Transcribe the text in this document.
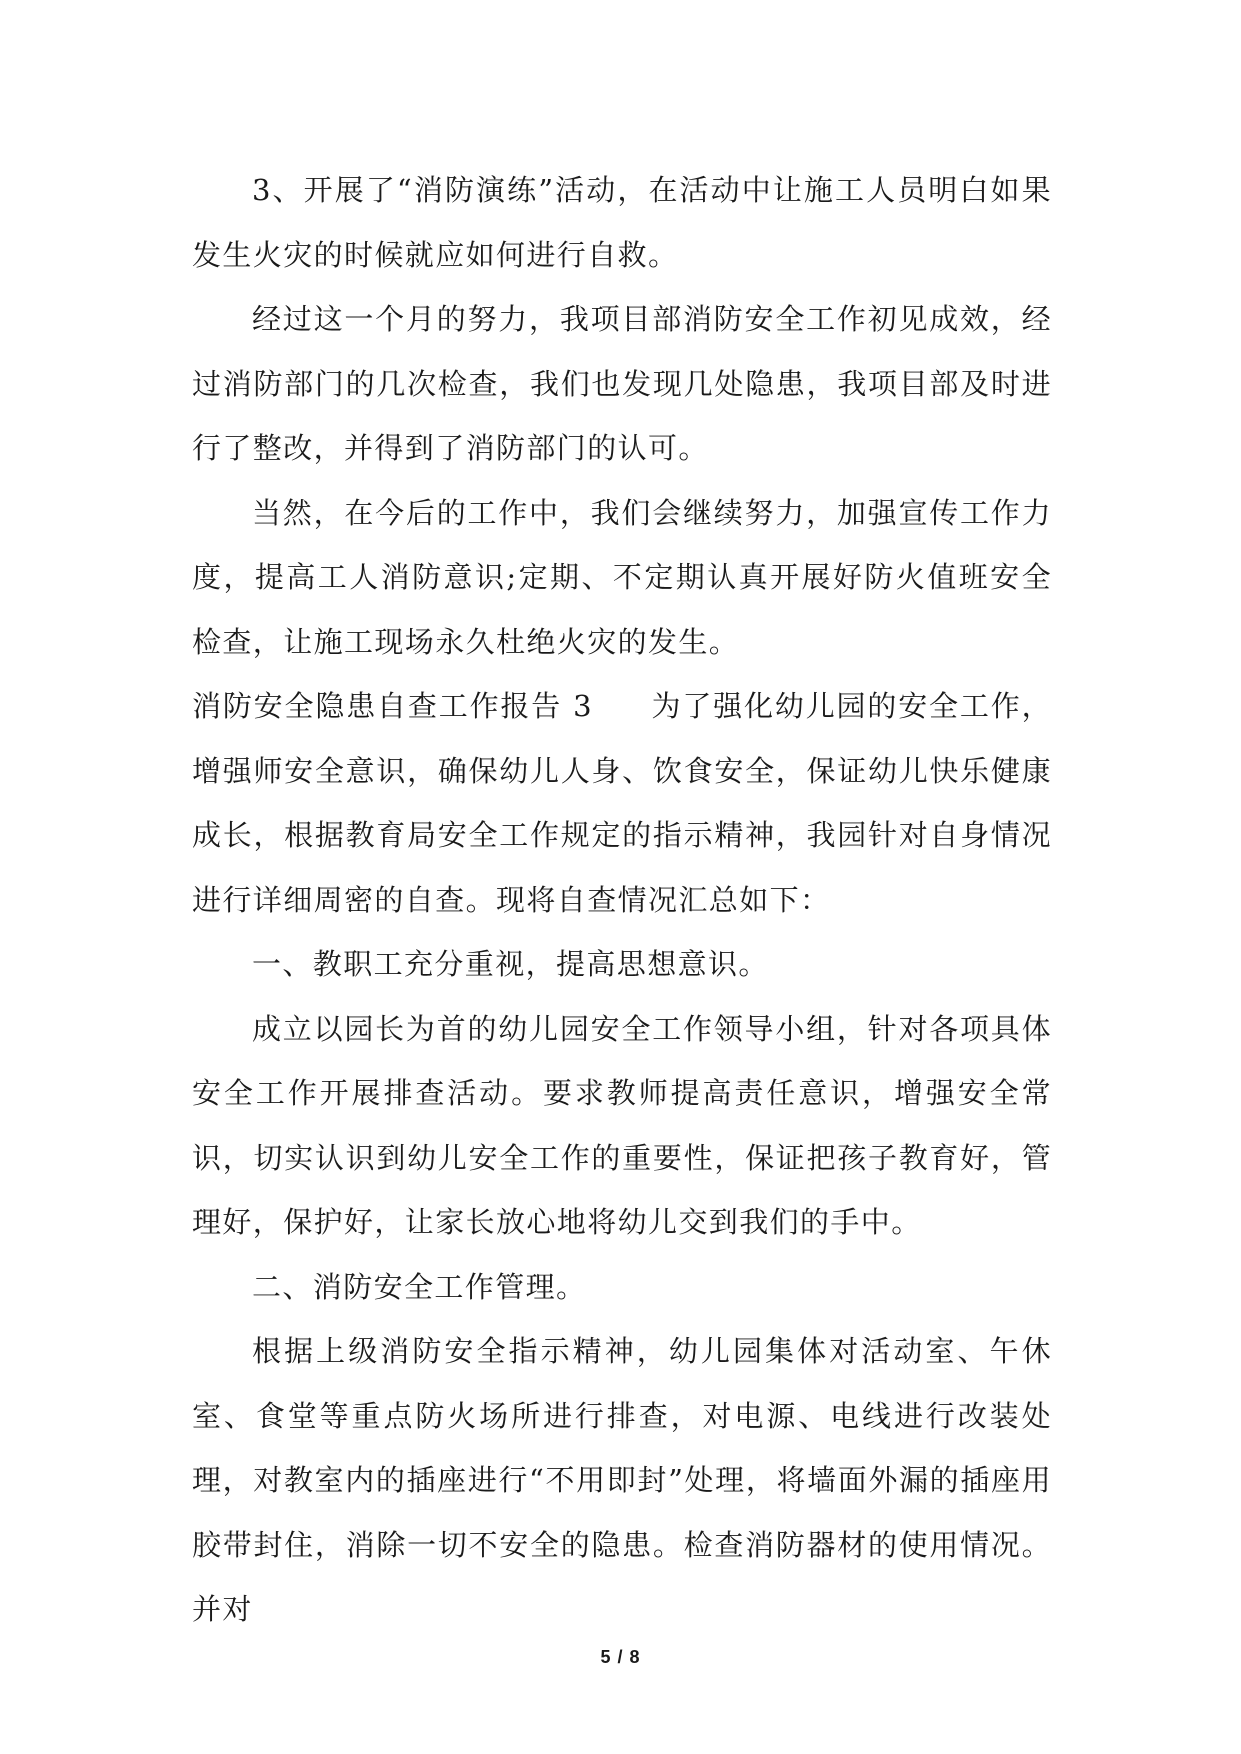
3、开展了“消防演练”活动，在活动中让施工人员明白如果发生火灾的时候就应如何进行自救。

经过这一个月的努力，我项目部消防安全工作初见成效，经过消防部门的几次检查，我们也发现几处隐患，我项目部及时进行了整改，并得到了消防部门的认可。

当然，在今后的工作中，我们会继续努力，加强宣传工作力度，提高工人消防意识;定期、不定期认真开展好防火值班安全检查，让施工现场永久杜绝火灾的发生。

消防安全隐患自查工作报告 3 为了强化幼儿园的安全工作，增强师安全意识，确保幼儿人身、饮食安全，保证幼儿快乐健康成长，根据教育局安全工作规定的指示精神，我园针对自身情况进行详细周密的自查。现将自查情况汇总如下：

一、教职工充分重视，提高思想意识。

成立以园长为首的幼儿园安全工作领导小组，针对各项具体安全工作开展排查活动。要求教师提高责任意识，增强安全常识，切实认识到幼儿安全工作的重要性，保证把孩子教育好，管理好，保护好，让家长放心地将幼儿交到我们的手中。

二、消防安全工作管理。

根据上级消防安全指示精神，幼儿园集体对活动室、午休室、食堂等重点防火场所进行排查，对电源、电线进行改装处理，对教室内的插座进行“不用即封”处理，将墙面外漏的插座用胶带封住，消除一切不安全的隐患。检查消防器材的使用情况。并对

5 / 8
